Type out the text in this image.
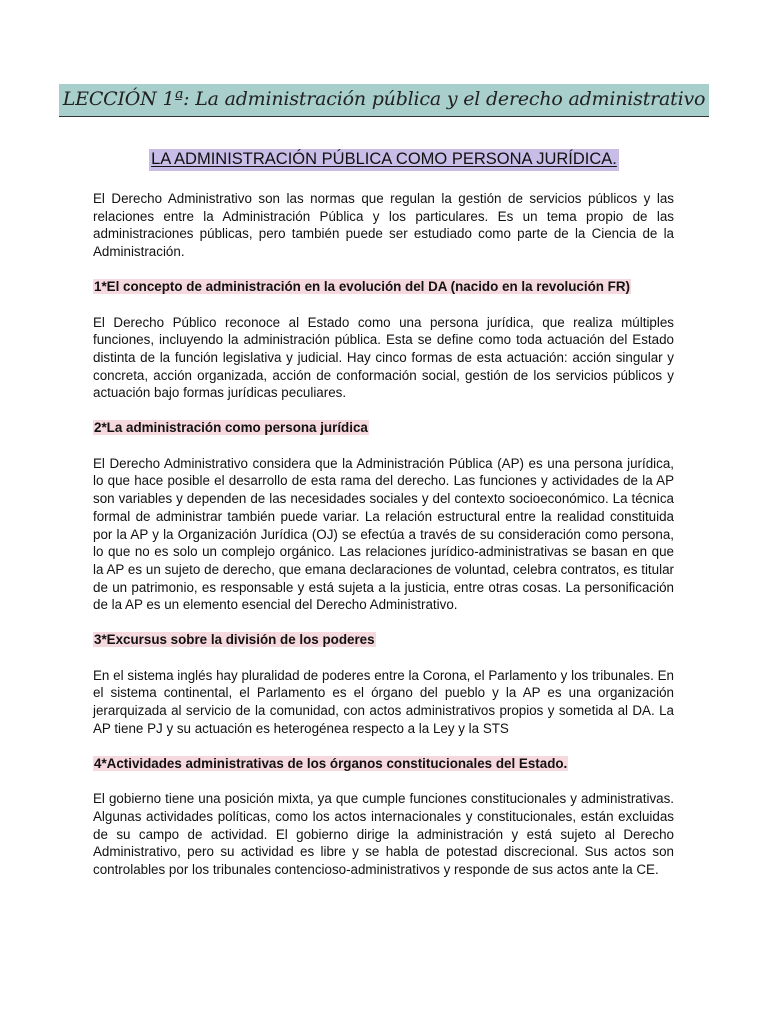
LECCIÓN 1ª: La administración pública y el derecho administrativo
LA ADMINISTRACIÓN PÚBLICA COMO PERSONA JURÍDICA.

El Derecho Administrativo son las normas que regulan la gestión de servicios públicos y las relaciones entre la Administración Pública y los particulares. Es un tema propio de las administraciones públicas, pero también puede ser estudiado como parte de la Ciencia de la Administración.

1*El concepto de administración en la evolución del DA (nacido en la revolución FR)

El Derecho Público reconoce al Estado como una persona jurídica, que realiza múltiples funciones, incluyendo la administración pública. Esta se define como toda actuación del Estado distinta de la función legislativa y judicial. Hay cinco formas de esta actuación: acción singular y concreta, acción organizada, acción de conformación social, gestión de los servicios públicos y actuación bajo formas jurídicas peculiares.

2*La administración como persona jurídica

El Derecho Administrativo considera que la Administración Pública (AP) es una persona jurídica, lo que hace posible el desarrollo de esta rama del derecho. Las funciones y actividades de la AP son variables y dependen de las necesidades sociales y del contexto socioeconómico. La técnica formal de administrar también puede variar. La relación estructural entre la realidad constituida por la AP y la Organización Jurídica (OJ) se efectúa a través de su consideración como persona, lo que no es solo un complejo orgánico. Las relaciones jurídico-administrativas se basan en que la AP es un sujeto de derecho, que emana declaraciones de voluntad, celebra contratos, es titular de un patrimonio, es responsable y está sujeta a la justicia, entre otras cosas. La personificación de la AP es un elemento esencial del Derecho Administrativo.

3*Excursus sobre la división de los poderes

En el sistema inglés hay pluralidad de poderes entre la Corona, el Parlamento y los tribunales. En el sistema continental, el Parlamento es el órgano del pueblo y la AP es una organización jerarquizada al servicio de la comunidad, con actos administrativos propios y sometida al DA. La AP tiene PJ y su actuación es heterogénea respecto a la Ley y la STS

4*Actividades administrativas de los órganos constitucionales del Estado.

El gobierno tiene una posición mixta, ya que cumple funciones constitucionales y administrativas. Algunas actividades políticas, como los actos internacionales y constitucionales, están excluidas de su campo de actividad. El gobierno dirige la administración y está sujeto al Derecho Administrativo, pero su actividad es libre y se habla de potestad discrecional. Sus actos son controlables por los tribunales contencioso-administrativos y responde de sus actos ante la CE.
